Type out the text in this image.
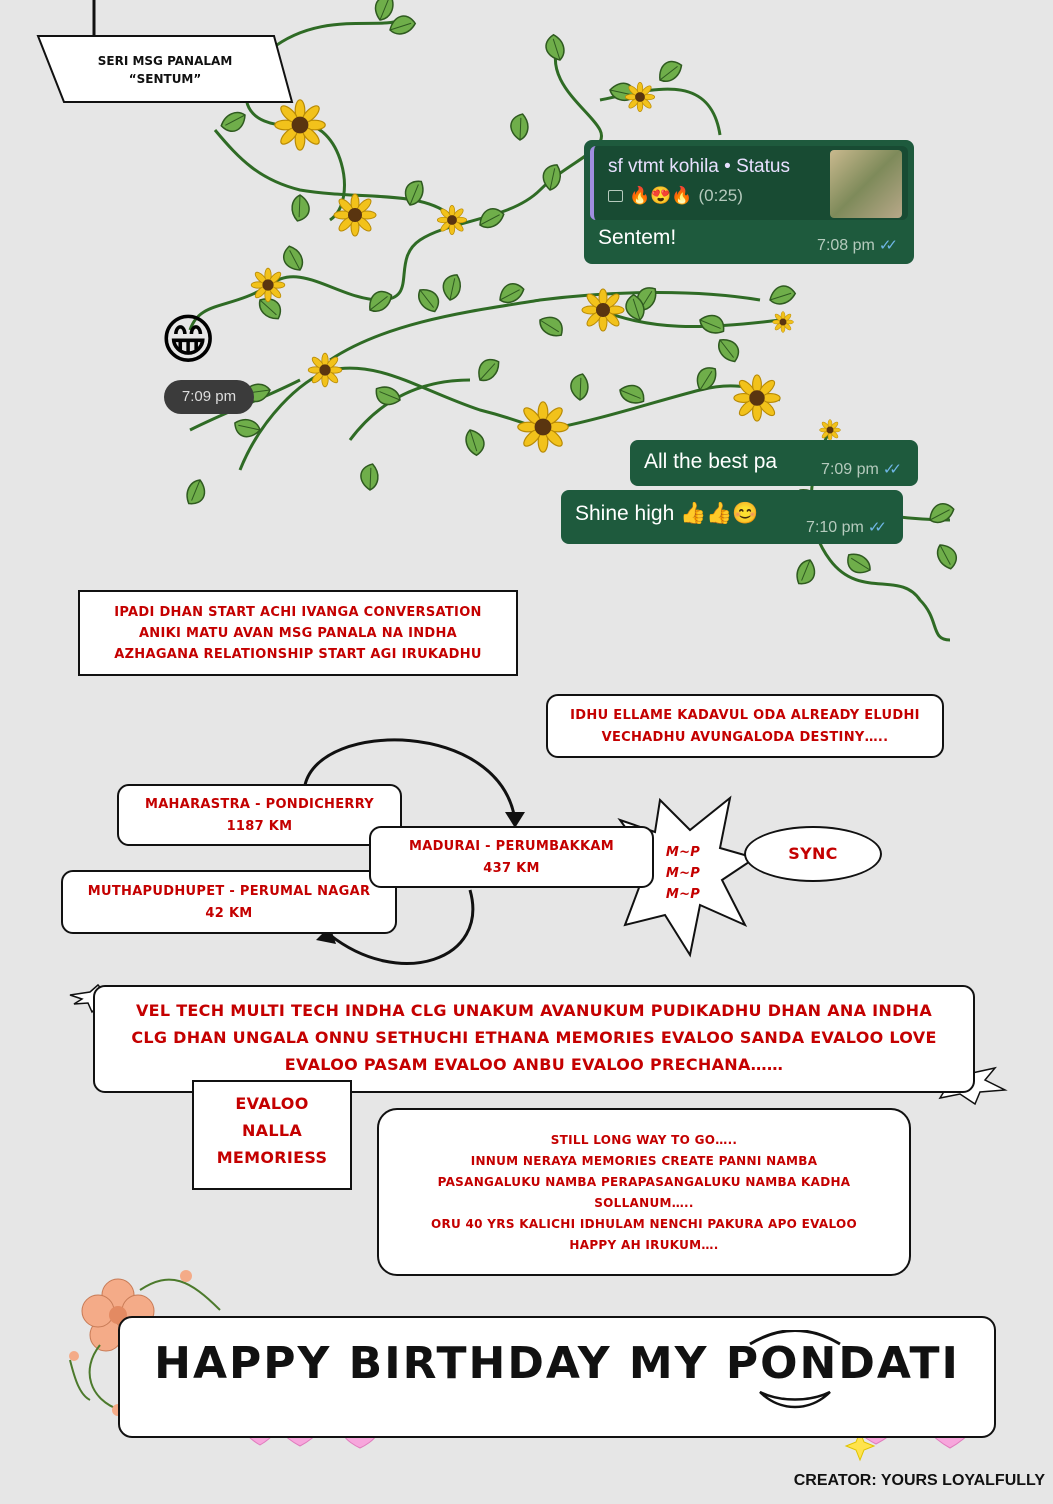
SERI MSG PANALAM
“SENTUM”
sf vtmt kohila • Status
🔥😍🔥 (0:25)
Sentem!	7:08 pm ✓✓
😁
7:09 pm
All the best pa	7:09 pm ✓✓
Shine high 👍👍😊
7:10 pm ✓✓
IPADI DHAN START ACHI IVANGA CONVERSATION
ANIKI MATU AVAN MSG PANALA NA INDHA
AZHAGANA RELATIONSHIP START AGI IRUKADHU
IDHU ELLAME KADAVUL ODA ALREADY ELUDHI
VECHADHU AVUNGALODA DESTINY…..
MAHARASTRA - PONDICHERRY
1187 KM
MUTHAPUDHUPET - PERUMAL NAGAR
42 KM
MADURAI - PERUMBAKKAM
437 KM
M~P
M~P
M~P
SYNC
VEL TECH MULTI TECH INDHA CLG UNAKUM AVANUKUM PUDIKADHU DHAN ANA INDHA
CLG DHAN UNGALA ONNU SETHUCHI ETHANA MEMORIES EVALOO SANDA EVALOO LOVE
EVALOO PASAM EVALOO ANBU EVALOO PRECHANA……
EVALOO
NALLA
MEMORIESS
STILL LONG WAY TO GO…..
INNUM NERAYA MEMORIES CREATE PANNI NAMBA
PASANGALUKU NAMBA PERAPASANGALUKU NAMBA KADHA
SOLLANUM…..
ORU 40 YRS KALICHI IDHULAM NENCHI PAKURA APO EVALOO
HAPPY AH IRUKUM….
HAPPY BIRTHDAY MY PONDATI
CREATOR: YOURS LOYALFULLY
